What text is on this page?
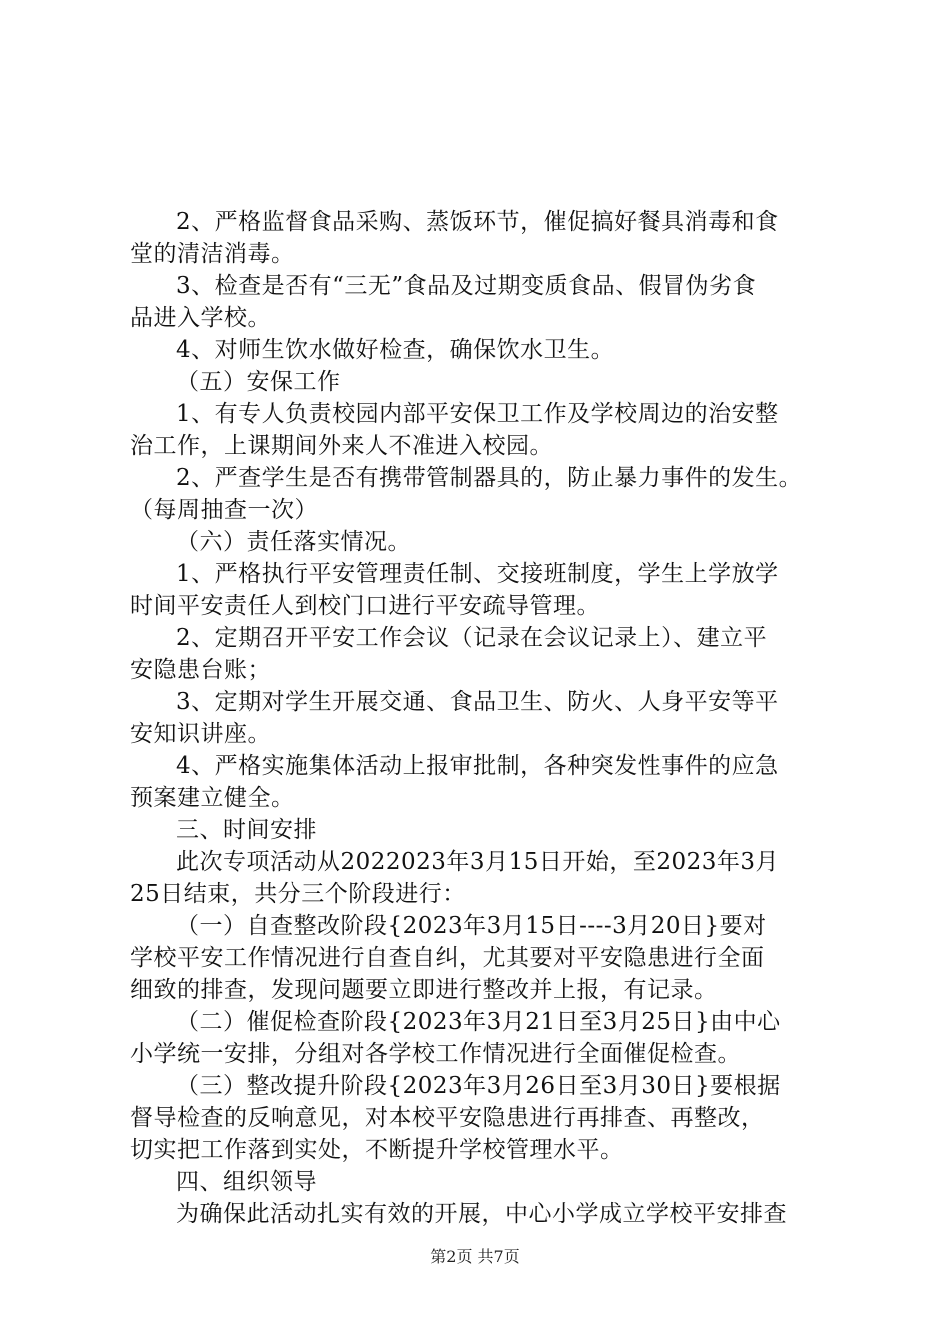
2、严格监督食品采购、蒸饭环节，催促搞好餐具消毒和食
堂的清洁消毒。
3、检查是否有“三无”食品及过期变质食品、假冒伪劣食
品进入学校。
4、对师生饮水做好检查，确保饮水卫生。
（五）安保工作
1、有专人负责校园内部平安保卫工作及学校周边的治安整
治工作，上课期间外来人不准进入校园。
2、严查学生是否有携带管制器具的，防止暴力事件的发生。
（每周抽查一次）
（六）责任落实情况。
1、严格执行平安管理责任制、交接班制度，学生上学放学
时间平安责任人到校门口进行平安疏导管理。
2、定期召开平安工作会议（记录在会议记录上）、建立平
安隐患台账；
3、定期对学生开展交通、食品卫生、防火、人身平安等平
安知识讲座。
4、严格实施集体活动上报审批制，各种突发性事件的应急
预案建立健全。
三、时间安排
此次专项活动从2022023年3月15日开始，至2023年3月
25日结束，共分三个阶段进行：
（一）自查整改阶段{2023年3月15日----3月20日}要对
学校平安工作情况进行自查自纠，尤其要对平安隐患进行全面
细致的排查，发现问题要立即进行整改并上报，有记录。
（二）催促检查阶段{2023年3月21日至3月25日}由中心
小学统一安排，分组对各学校工作情况进行全面催促检查。
（三）整改提升阶段{2023年3月26日至3月30日}要根据
督导检查的反响意见，对本校平安隐患进行再排查、再整改，
切实把工作落到实处，不断提升学校管理水平。
四、组织领导
为确保此活动扎实有效的开展，中心小学成立学校平安排查
第2页 共7页
